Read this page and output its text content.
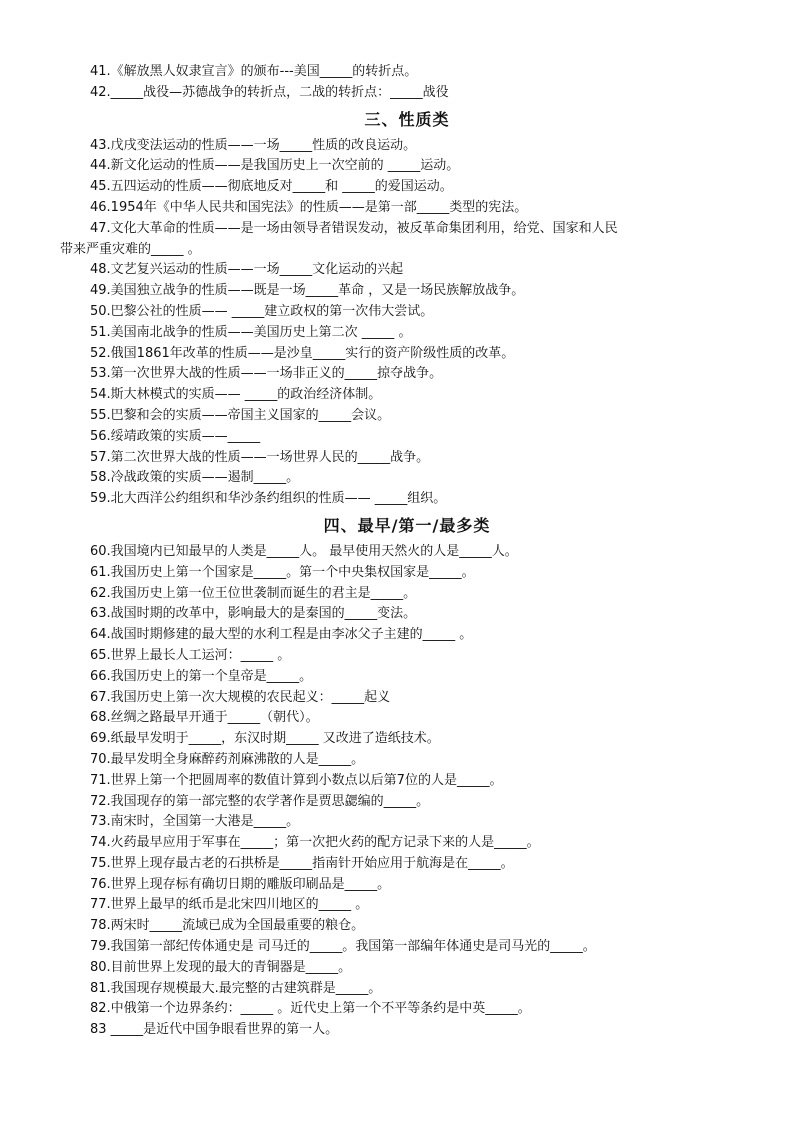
41.《解放黑人奴隶宣言》的颁布---美国_____的转折点。
42._____战役—苏德战争的转折点，二战的转折点：_____战役
三、性质类
43.戊戌变法运动的性质——一场_____性质的改良运动。
44.新文化运动的性质——是我国历史上一次空前的 _____运动。
45.五四运动的性质——彻底地反对_____和 _____的爱国运动。
46.1954年《中华人民共和国宪法》的性质——是第一部_____类型的宪法。
47.文化大革命的性质——是一场由领导者错误发动，被反革命集团利用，给党、国家和人民
带来严重灾难的_____ 。
48.文艺复兴运动的性质——一场_____文化运动的兴起
49.美国独立战争的性质——既是一场_____革命 ，又是一场民族解放战争。
50.巴黎公社的性质—— _____建立政权的第一次伟大尝试。
51.美国南北战争的性质——美国历史上第二次 _____ 。
52.俄国1861年改革的性质——是沙皇_____实行的资产阶级性质的改革。
53.第一次世界大战的性质——一场非正义的_____掠夺战争。
54.斯大林模式的实质—— _____的政治经济体制。
55.巴黎和会的实质——帝国主义国家的_____会议。
56.绥靖政策的实质——_____
57.第二次世界大战的性质——一场世界人民的_____战争。
58.冷战政策的实质——遏制_____。
59.北大西洋公约组织和华沙条约组织的性质—— _____组织。
四、最早/第一/最多类
60.我国境内已知最早的人类是_____人。 最早使用天然火的人是_____人。
61.我国历史上第一个国家是_____。第一个中央集权国家是_____。
62.我国历史上第一位王位世袭制而诞生的君主是_____。
63.战国时期的改革中，影响最大的是秦国的_____变法。
64.战国时期修建的最大型的水利工程是由李冰父子主建的_____ 。
65.世界上最长人工运河：_____ 。
66.我国历史上的第一个皇帝是_____。
67.我国历史上第一次大规模的农民起义：_____起义
68.丝绸之路最早开通于_____（朝代）。
69.纸最早发明于_____，东汉时期_____ 又改进了造纸技术。
70.最早发明全身麻醉药剂麻沸散的人是_____。
71.世界上第一个把圆周率的数值计算到小数点以后第7位的人是_____。
72.我国现存的第一部完整的农学著作是贾思勰编的_____。
73.南宋时，全国第一大港是_____。
74.火药最早应用于军事在_____；第一次把火药的配方记录下来的人是_____。
75.世界上现存最古老的石拱桥是_____指南针开始应用于航海是在_____。
76.世界上现存标有确切日期的雕版印刷品是_____。
77.世界上最早的纸币是北宋四川地区的_____ 。
78.两宋时_____流域已成为全国最重要的粮仓。
79.我国第一部纪传体通史是 司马迁的_____。我国第一部编年体通史是司马光的_____。
80.目前世界上发现的最大的青铜器是_____。
81.我国现存规模最大.最完整的古建筑群是_____。
82.中俄第一个边界条约：_____ 。近代史上第一个不平等条约是中英_____。
83 _____是近代中国争眼看世界的第一人。
